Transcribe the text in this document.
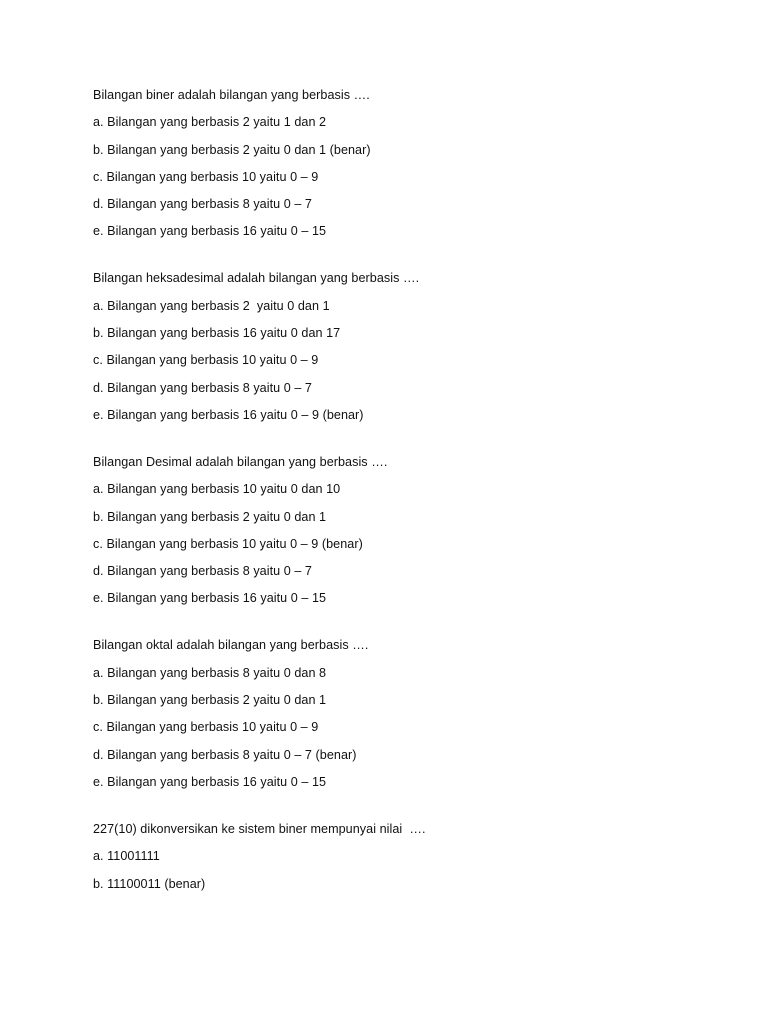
Bilangan biner adalah bilangan yang berbasis ….
a. Bilangan yang berbasis 2 yaitu 1 dan 2
b. Bilangan yang berbasis 2 yaitu 0 dan 1 (benar)
c. Bilangan yang berbasis 10 yaitu 0 – 9
d. Bilangan yang berbasis 8 yaitu 0 – 7
e. Bilangan yang berbasis 16 yaitu 0 – 15
Bilangan heksadesimal adalah bilangan yang berbasis ….
a. Bilangan yang berbasis 2  yaitu 0 dan 1
b. Bilangan yang berbasis 16 yaitu 0 dan 17
c. Bilangan yang berbasis 10 yaitu 0 – 9
d. Bilangan yang berbasis 8 yaitu 0 – 7
e. Bilangan yang berbasis 16 yaitu 0 – 9 (benar)
Bilangan Desimal adalah bilangan yang berbasis ….
a. Bilangan yang berbasis 10 yaitu 0 dan 10
b. Bilangan yang berbasis 2 yaitu 0 dan 1
c. Bilangan yang berbasis 10 yaitu 0 – 9 (benar)
d. Bilangan yang berbasis 8 yaitu 0 – 7
e. Bilangan yang berbasis 16 yaitu 0 – 15
Bilangan oktal adalah bilangan yang berbasis ….
a. Bilangan yang berbasis 8 yaitu 0 dan 8
b. Bilangan yang berbasis 2 yaitu 0 dan 1
c. Bilangan yang berbasis 10 yaitu 0 – 9
d. Bilangan yang berbasis 8 yaitu 0 – 7 (benar)
e. Bilangan yang berbasis 16 yaitu 0 – 15
227(10) dikonversikan ke sistem biner mempunyai nilai  ….
a. 11001111
b. 11100011 (benar)
